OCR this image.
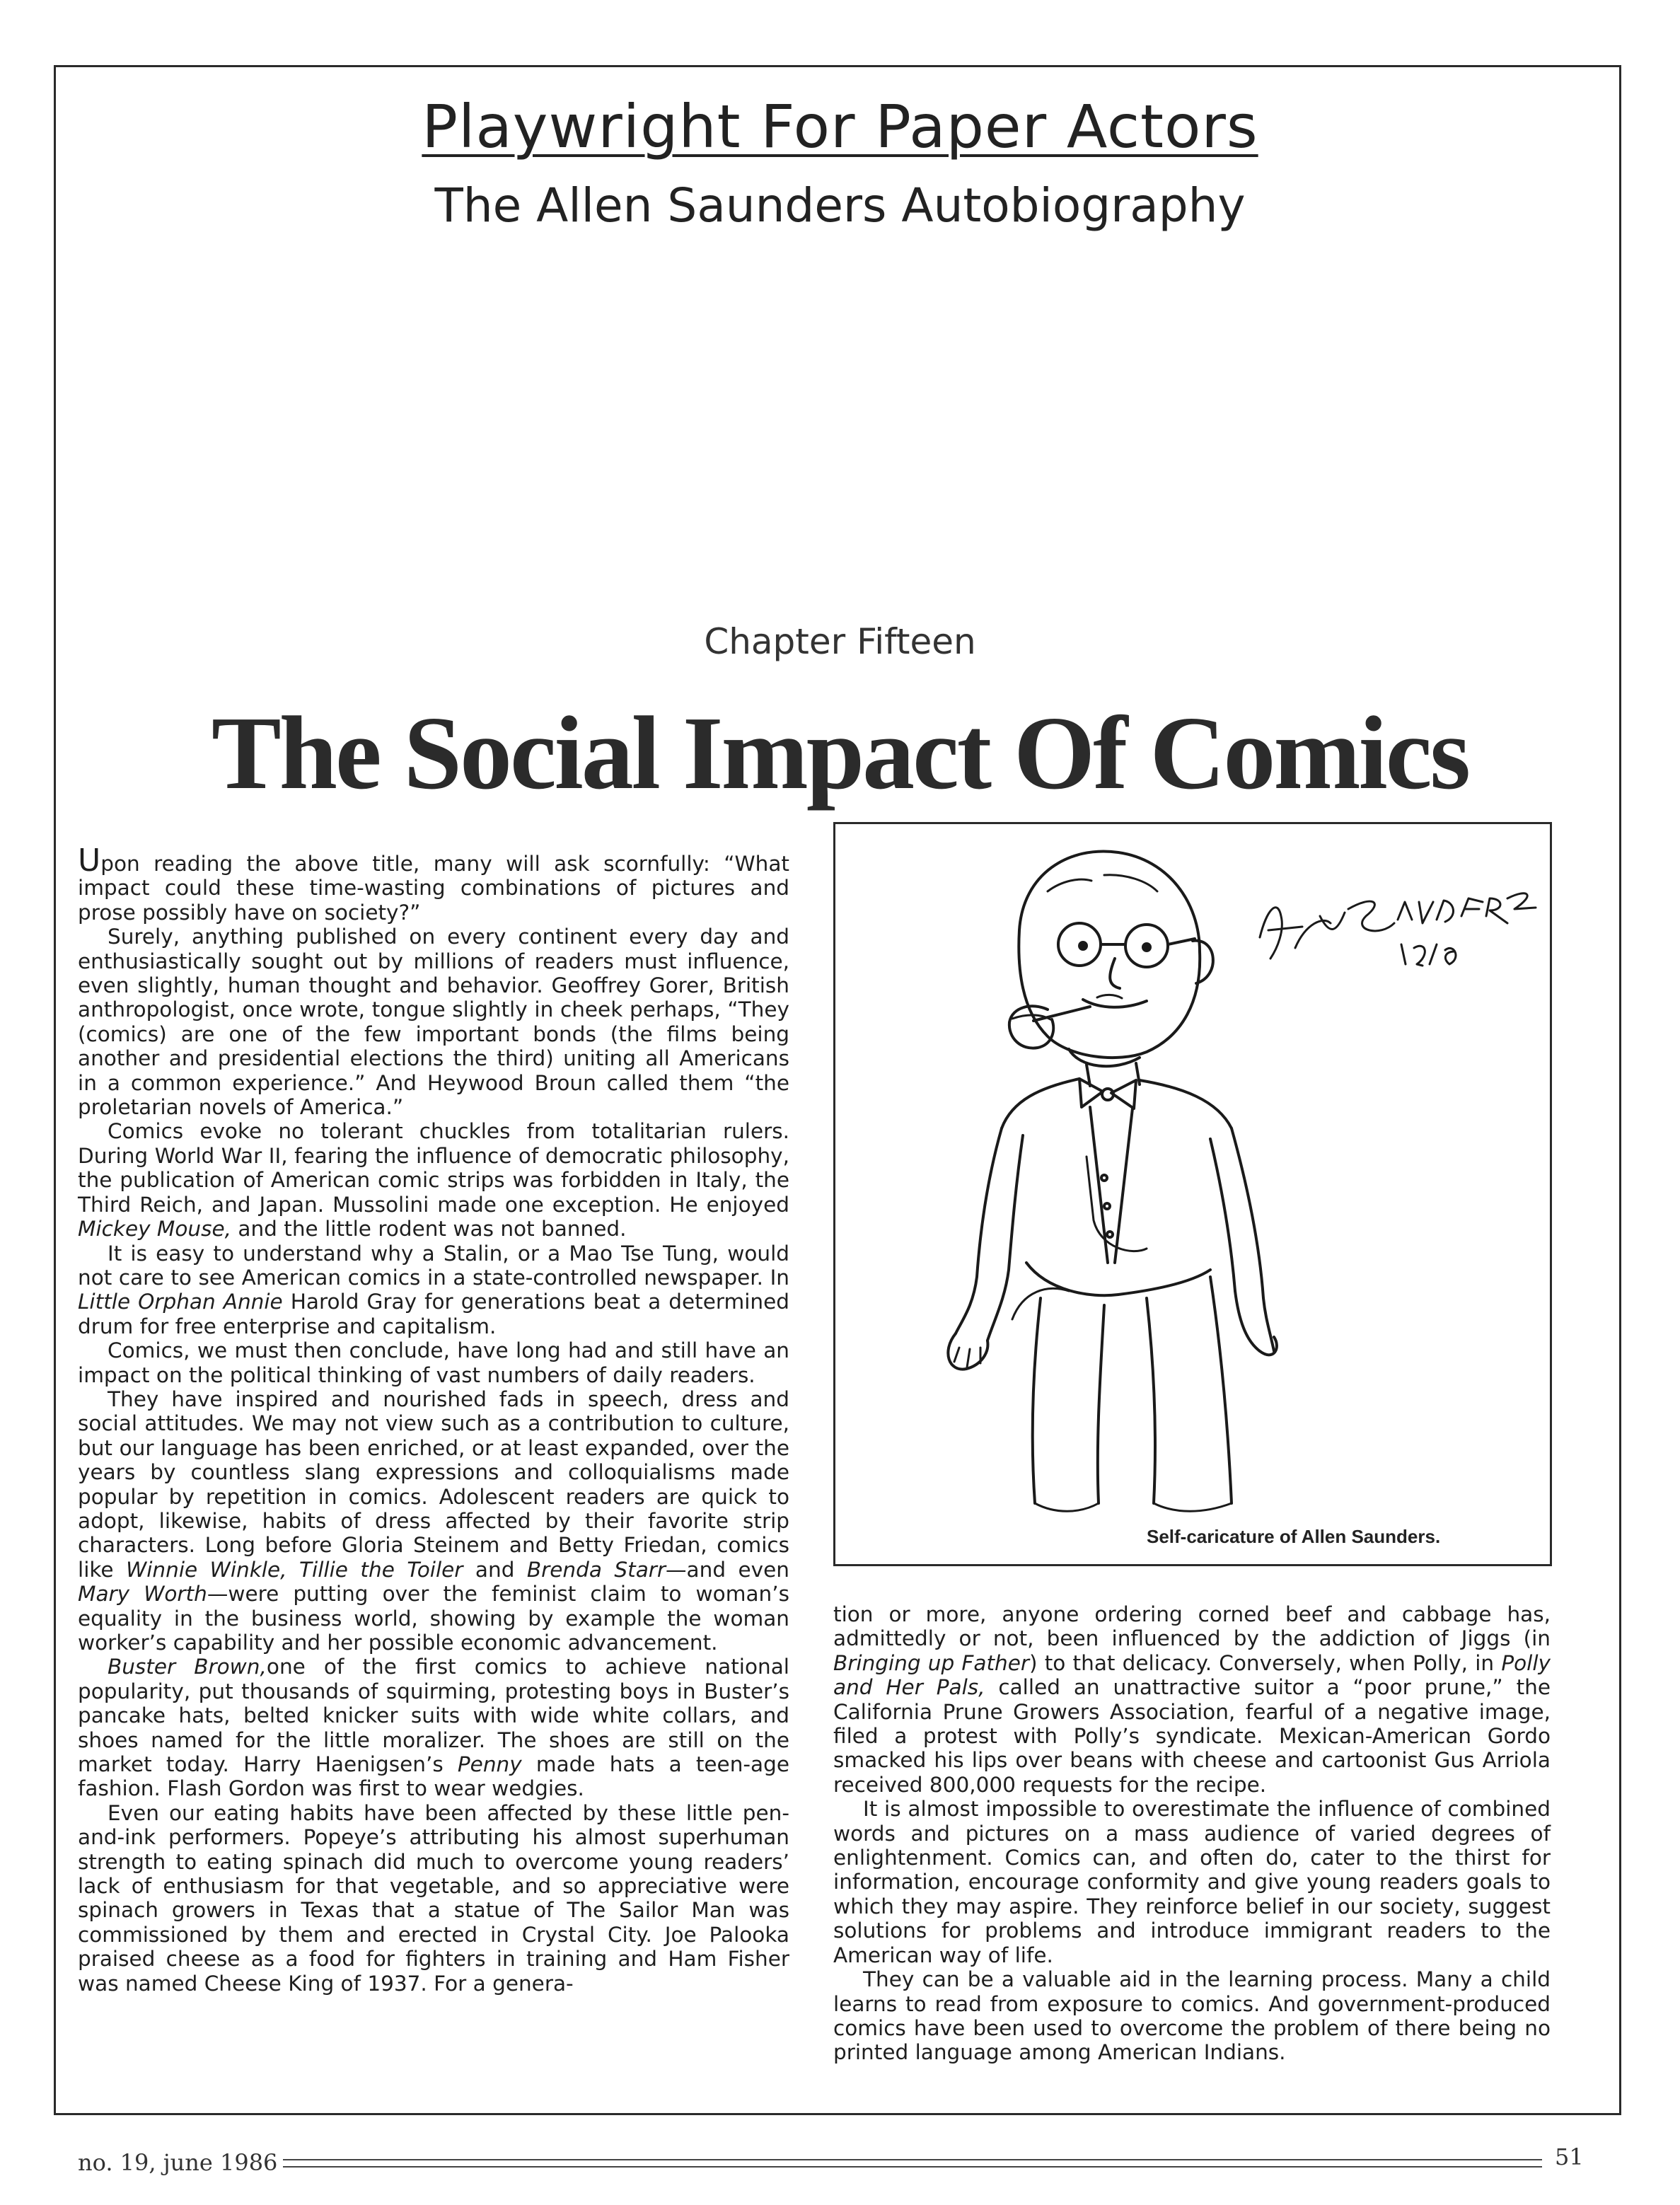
Playwright For Paper Actors
The Allen Saunders Autobiography
Chapter Fifteen
The Social Impact Of Comics

Upon reading the above title, many will ask scornfully: “What impact could these time-wasting combinations of pictures and prose possibly have on society?”

Surely, anything published on every continent every day and enthusiastically sought out by millions of readers must influence, even slightly, human thought and behavior. Geoffrey Gorer, British anthropologist, once wrote, tongue slightly in cheek perhaps, “They (comics) are one of the few important bonds (the films being another and presidential elections the third) uniting all Americans in a common experience.” And Heywood Broun called them “the proletarian novels of America.”

Comics evoke no tolerant chuckles from totalitarian rulers. During World War II, fearing the influence of democratic philosophy, the publication of American comic strips was forbidden in Italy, the Third Reich, and Japan. Mussolini made one exception. He enjoyed Mickey Mouse, and the little rodent was not banned.

It is easy to understand why a Stalin, or a Mao Tse Tung, would not care to see American comics in a state-controlled newspaper. In Little Orphan Annie Harold Gray for generations beat a determined drum for free enterprise and capitalism.

Comics, we must then conclude, have long had and still have an impact on the political thinking of vast numbers of daily readers.

They have inspired and nourished fads in speech, dress and social attitudes. We may not view such as a contribution to culture, but our language has been enriched, or at least expanded, over the years by countless slang expressions and colloquialisms made popular by repetition in comics. Adolescent readers are quick to adopt, likewise, habits of dress affected by their favorite strip characters. Long before Gloria Steinem and Betty Friedan, comics like Winnie Winkle, Tillie the Toiler and Brenda Starr—and even Mary Worth—were putting over the feminist claim to woman’s equality in the business world, showing by example the woman worker’s capability and her possible economic advancement.

Buster Brown,one of the first comics to achieve national popularity, put thousands of squirming, protesting boys in Buster’s pancake hats, belted knicker suits with wide white collars, and shoes named for the little moralizer. The shoes are still on the market today. Harry Haenigsen’s Penny made hats a teen-age fashion. Flash Gordon was first to wear wedgies.

Even our eating habits have been affected by these little pen-and-ink performers. Popeye’s attributing his almost superhuman strength to eating spinach did much to overcome young readers’ lack of enthusiasm for that vegetable, and so appreciative were spinach growers in Texas that a statue of The Sailor Man was commissioned by them and erected in Crystal City. Joe Palooka praised cheese as a food for fighters in training and Ham Fisher was named Cheese King of 1937. For a genera-

Self-caricature of Allen Saunders.

tion or more, anyone ordering corned beef and cabbage has, admittedly or not, been influenced by the addiction of Jiggs (in Bringing up Father) to that delicacy. Conversely, when Polly, in Polly and Her Pals, called an unattractive suitor a “poor prune,” the California Prune Growers Association, fearful of a negative image, filed a protest with Polly’s syndicate. Mexican-American Gordo smacked his lips over beans with cheese and cartoonist Gus Arriola received 800,000 requests for the recipe.

It is almost impossible to overestimate the influence of combined words and pictures on a mass audience of varied degrees of enlightenment. Comics can, and often do, cater to the thirst for information, encourage conformity and give young readers goals to which they may aspire. They reinforce belief in our society, suggest solutions for problems and introduce immigrant readers to the American way of life.

They can be a valuable aid in the learning process. Many a child learns to read from exposure to comics. And government-produced comics have been used to overcome the problem of there being no printed language among American Indians.

no. 19, june 1986	51
